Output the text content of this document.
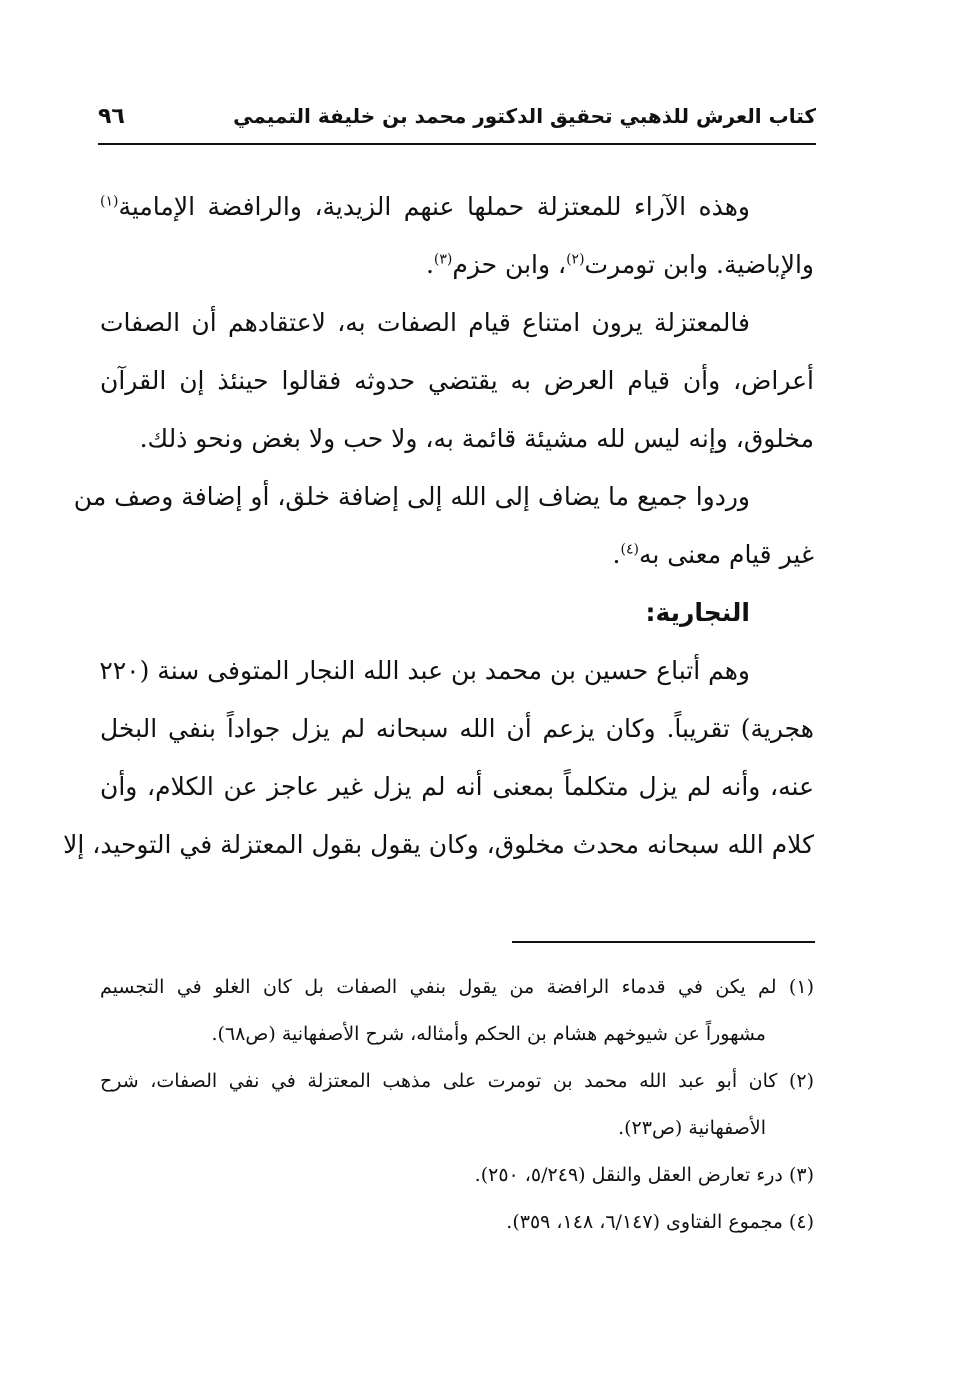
كتاب العرش للذهبي تحقيق الدكتور محمد بن خليفة التميمي
٩٦
وهذه الآراء للمعتزلة حملها عنهم الزيدية، والرافضة الإمامية$^{(١)}$
والإباضية. وابن تومرت$^{(٢)}$، وابن حزم$^{(٣)}$.
فالمعتزلة يرون امتناع قيام الصفات به، لاعتقادهم أن الصفات
أعراض، وأن قيام العرض به يقتضي حدوثه فقالوا حينئذ إن القرآن
مخلوق، وإنه ليس لله مشيئة قائمة به، ولا حب ولا بغض ونحو ذلك.
وردوا جميع ما يضاف إلى الله إلى إضافة خلق، أو إضافة وصف من
غير قيام معنى به$^{(٤)}$.
النجارية:
وهم أتباع حسين بن محمد بن عبد الله النجار المتوفى سنة (٢٢٠
هجرية) تقريباً. وكان يزعم أن الله سبحانه لم يزل جواداً بنفي البخل
عنه، وأنه لم يزل متكلماً بمعنى أنه لم يزل غير عاجز عن الكلام، وأن
كلام الله سبحانه محدث مخلوق، وكان يقول بقول المعتزلة في التوحيد، إلا
(١) لم يكن في قدماء الرافضة من يقول بنفي الصفات بل كان الغلو في التجسيم
مشهوراً عن شيوخهم هشام بن الحكم وأمثاله، شرح الأصفهانية (ص٦٨).
(٢) كان أبو عبد الله محمد بن تومرت على مذهب المعتزلة في نفي الصفات، شرح
الأصفهانية (ص٢٣).
(٣) درء تعارض العقل والنقل (٥/٢٤٩، ٢٥٠).
(٤) مجموع الفتاوى (٦/١٤٧، ١٤٨، ٣٥٩).
